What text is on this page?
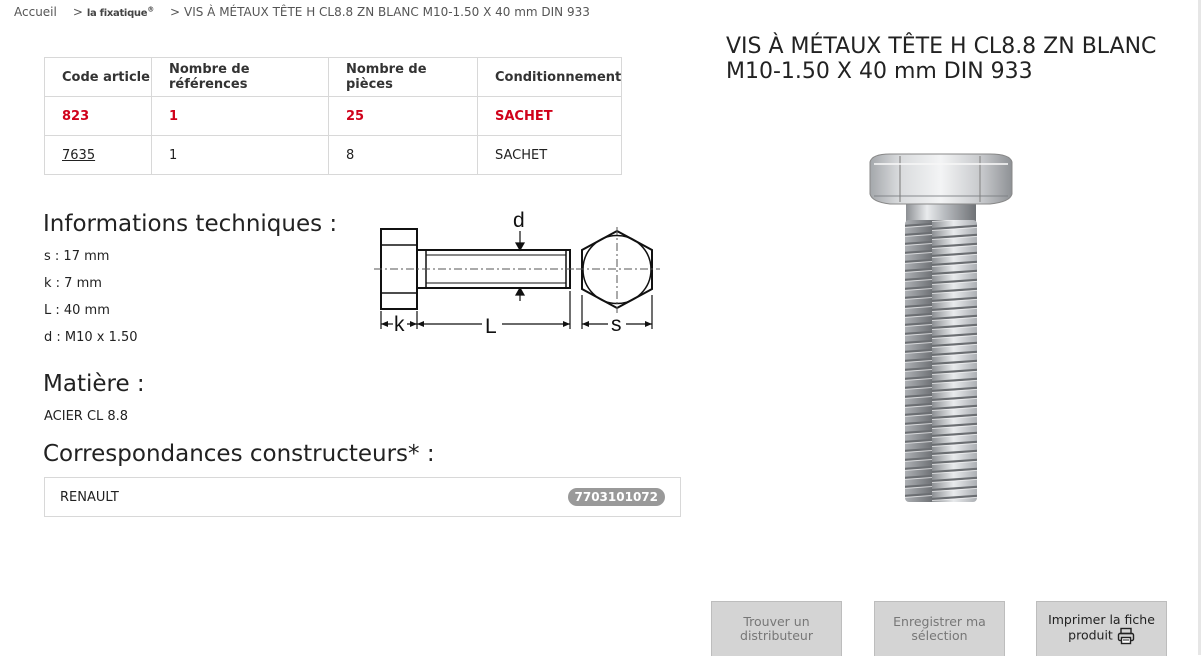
Accueil > la fixatique® > VIS À MÉTAUX TÊTE H CL8.8 ZN BLANC M10-1.50 X 40 mm DIN 933
Code article	Nombre de références	Nombre de pièces	Conditionnement
823	1	25	SACHET
7635	1	8	SACHET
Informations techniques :
s : 17 mm
k : 7 mm
L : 40 mm
d : M10 x 1.50
d
k	L	s
Matière :
ACIER CL 8.8
Correspondances constructeurs* :
RENAULT	7703101072
VIS À MÉTAUX TÊTE H CL8.8 ZN BLANC M10-1.50 X 40 mm DIN 933
Trouver un distributeur
Enregistrer ma sélection
Imprimer la fiche produit
